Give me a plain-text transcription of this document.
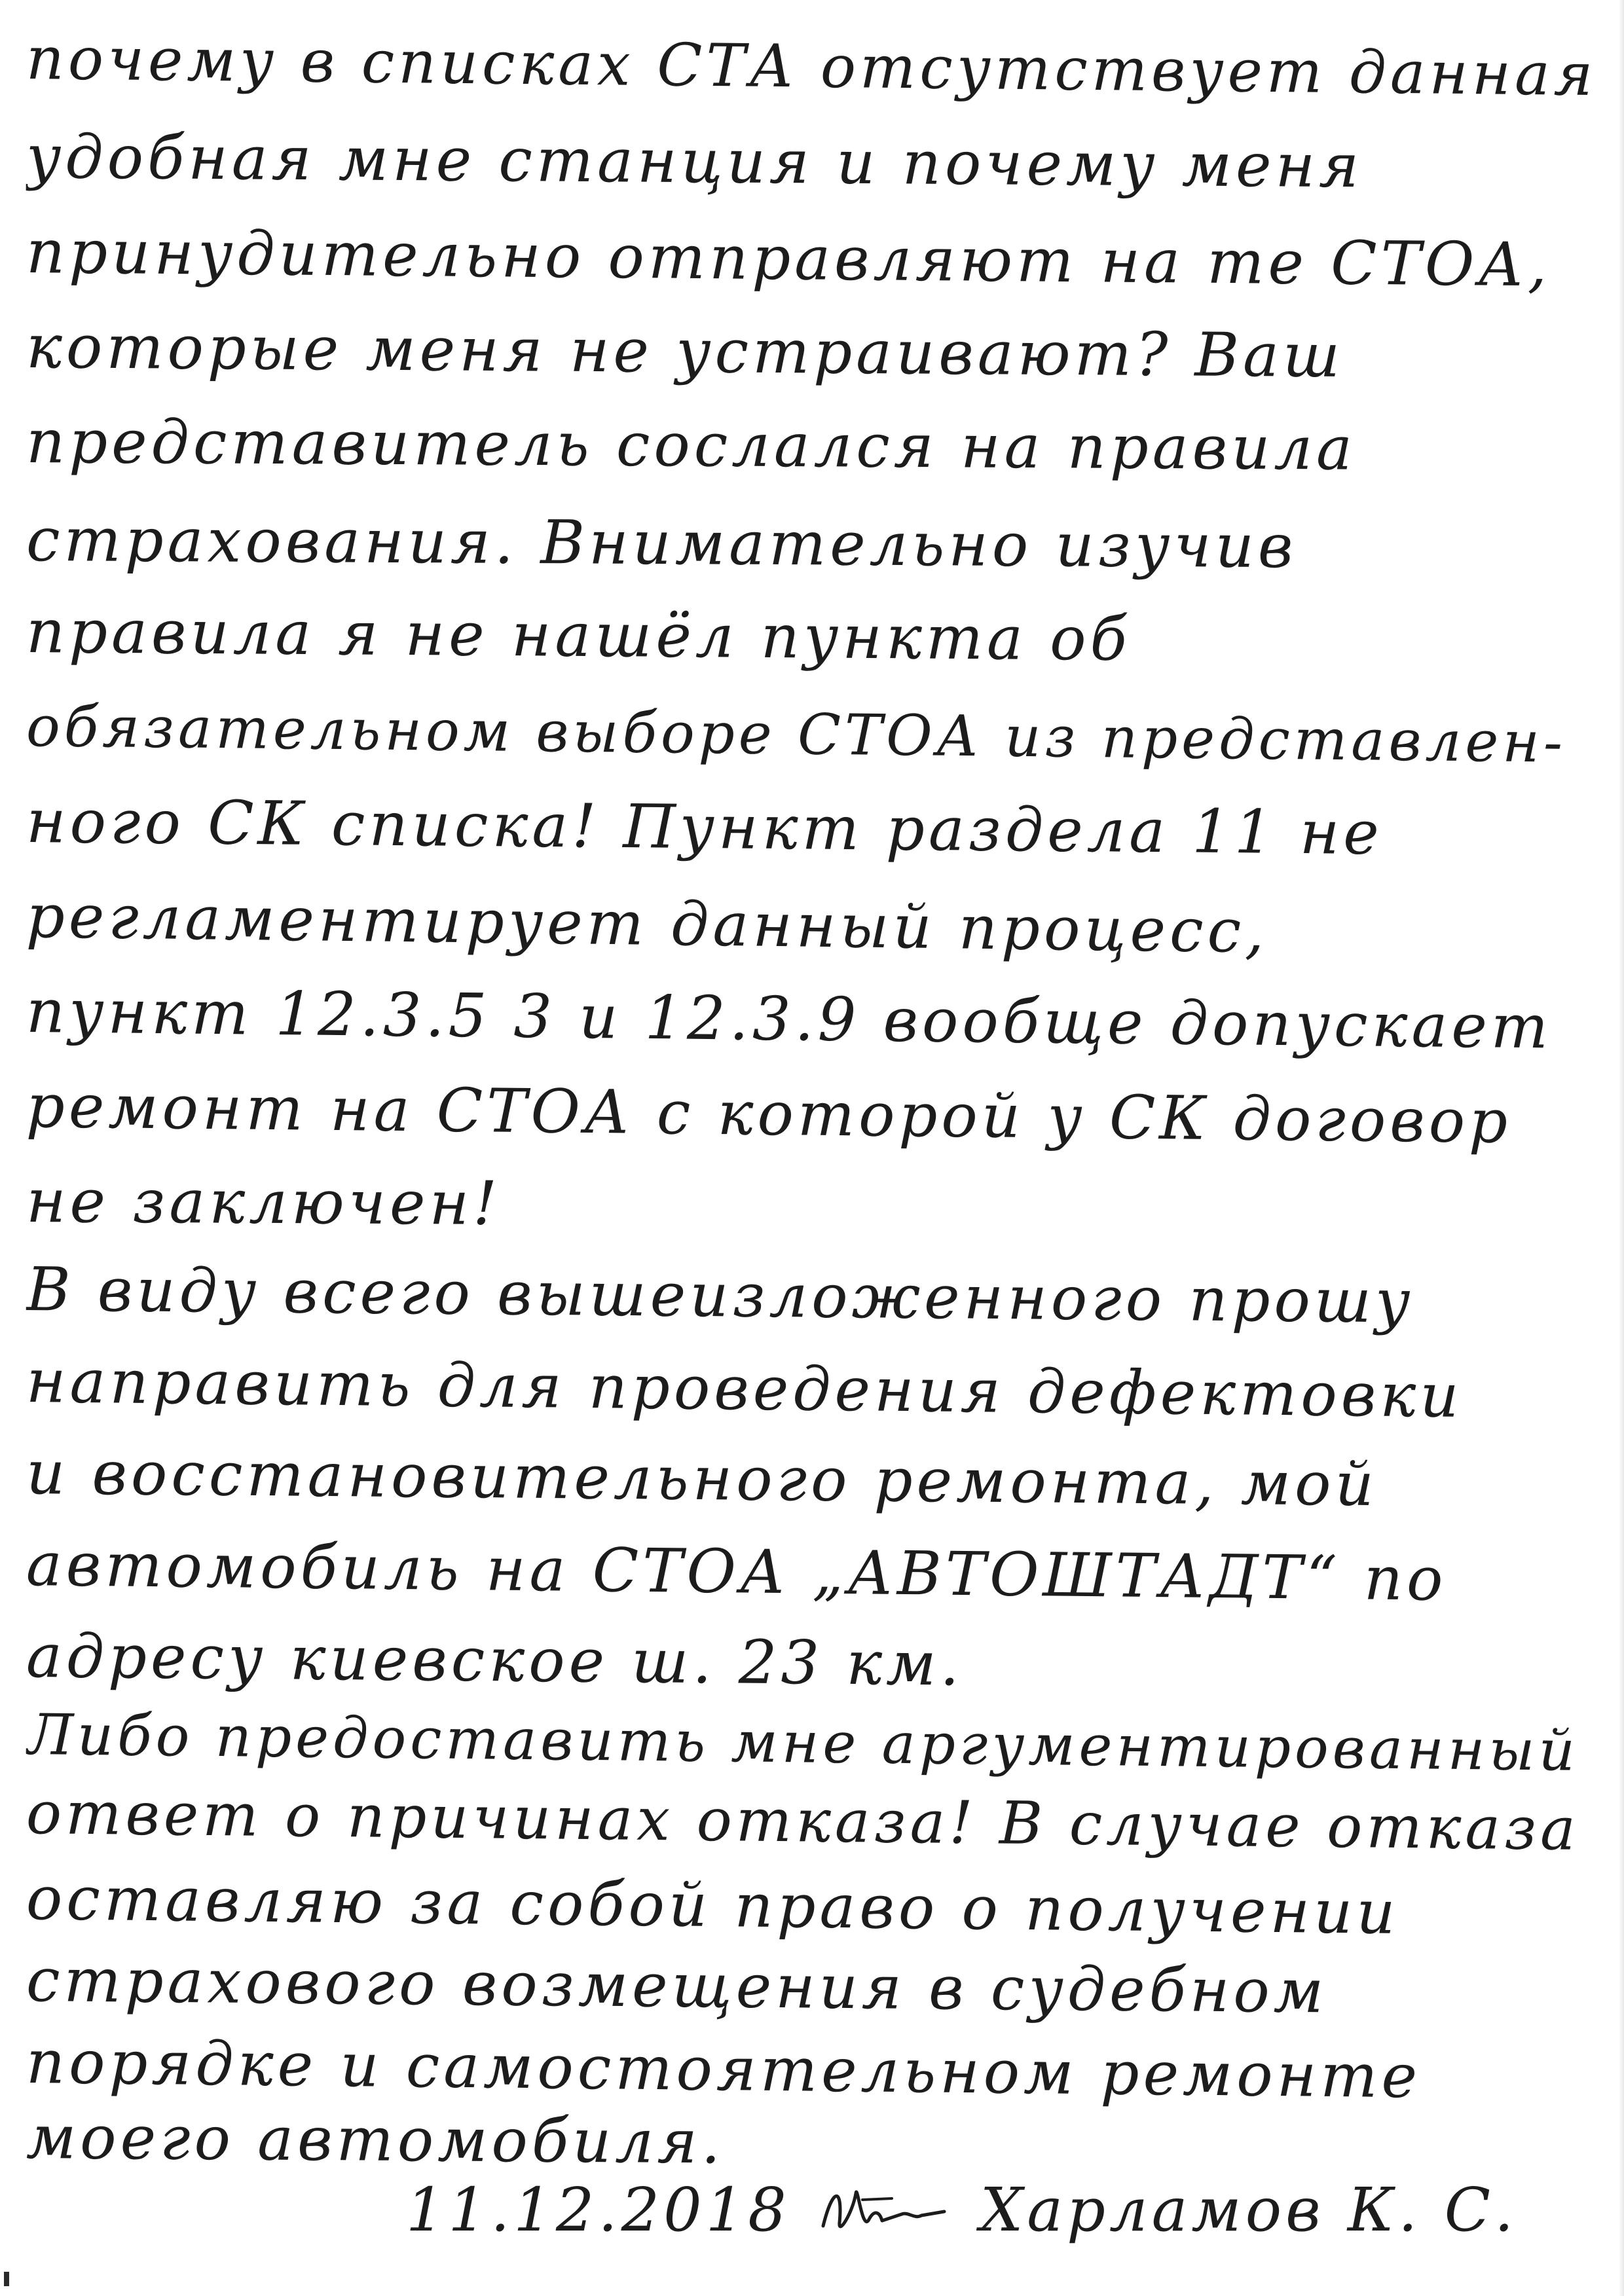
почему в списках СТА отсутствует данная
удобная мне станция и почему меня
принудительно отправляют на те СТОА,
которые меня не устраивают? Ваш
представитель сослался на правила
страхования. Внимательно изучив
правила я не нашёл пункта об
обязательном выборе СТОА из представлен-
ного СК списка! Пункт раздела 11 не
регламентирует данный процесс,
пункт 12.3.5 3 и 12.3.9 вообще допускает
ремонт на СТОА с которой у СК договор
не заключен!
В виду всего вышеизложенного прошу
направить для проведения дефектовки
и восстановительного ремонта, мой
автомобиль на СТОА „АВТОШТАДТ“ по
адресу киевское ш. 23 км.
Либо предоставить мне аргументированный
ответ о причинах отказа! В случае отказа
оставляю за собой право о получении
страхового возмещения в судебном
порядке и самостоятельном ремонте
моего автомобиля.
11.12.2018	Харламов К. С.
